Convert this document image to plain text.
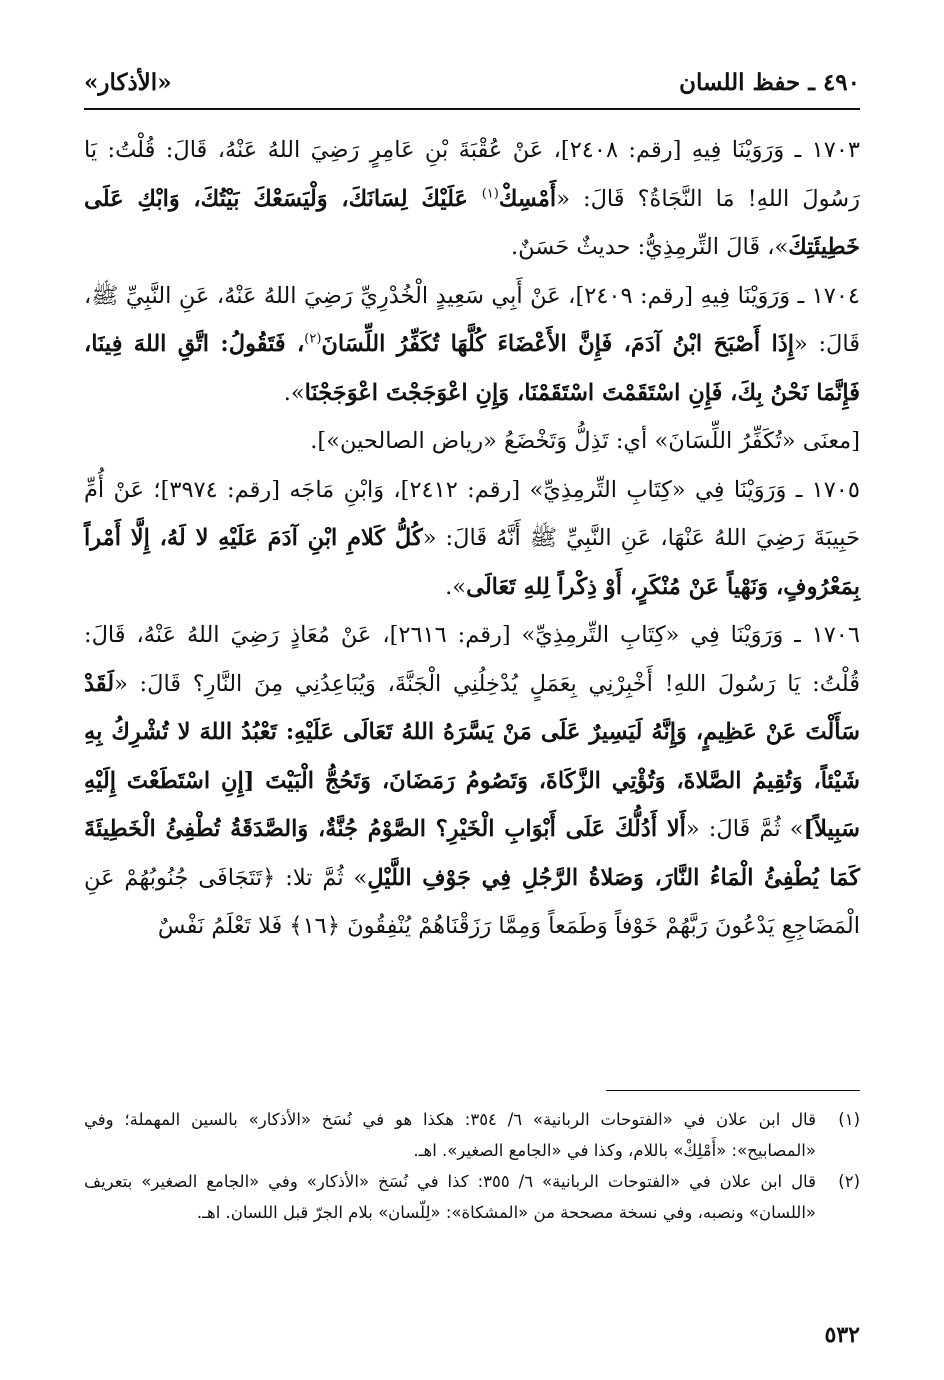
٤٩٠ ـ حفظ اللسان
«الأذكار»

١٧٠٣ ـ وَرَوَيْنَا فِيهِ [رقم: ٢٤٠٨]، عَنْ عُقْبَةَ بْنِ عَامِرٍ رَضِيَ اللهُ عَنْهُ، قَالَ: قُلْتُ: يَا رَسُولَ اللهِ! مَا النَّجَاةُ؟ قَالَ: «أَمْسِكْ$^{(١)}$ عَلَيْكَ لِسَانَكَ، وَلْيَسَعْكَ بَيْتُكَ، وَابْكِ عَلَى خَطِيئَتِكَ»، قَالَ التِّرمِذِيُّ: حديثٌ حَسَنٌ.

١٧٠٤ ـ وَرَوَيْنَا فِيهِ [رقم: ٢٤٠٩]، عَنْ أَبِي سَعِيدٍ الْخُدْرِيِّ رَضِيَ اللهُ عَنْهُ، عَنِ النَّبِيِّ ﷺ، قَالَ: «إِذَا أَصْبَحَ ابْنُ آدَمَ، فَإِنَّ الأَعْضَاءَ كُلَّهَا تُكَفِّرُ اللِّسَانَ$^{(٢)}$، فَتَقُولُ: اتَّقِ اللهَ فِينَا، فَإِنَّمَا نَحْنُ بِكَ، فَإِنِ اسْتَقَمْتَ اسْتَقَمْنَا، وَإِنِ اعْوَجَجْتَ اعْوَجَجْنَا».

[معنَى «تُكَفِّرُ اللِّسَانَ» أي: تَذِلُّ وَتَخْضَعُ «رياض الصالحين»].

١٧٠٥ ـ وَرَوَيْنَا فِي «كِتَابِ التِّرمِذِيِّ» [رقم: ٢٤١٢]، وَابْنِ مَاجَه [رقم: ٣٩٧٤]؛ عَنْ أُمِّ حَبِيبَةَ رَضِيَ اللهُ عَنْهَا، عَنِ النَّبِيِّ ﷺ أَنَّهُ قَالَ: «كُلُّ كَلامِ ابْنِ آدَمَ عَلَيْهِ لا لَهُ، إِلَّا أَمْراً بِمَعْرُوفٍ، وَنَهْياً عَنْ مُنْكَرٍ، أَوْ ذِكْراً لِلهِ تَعَالَى».

١٧٠٦ ـ وَرَوَيْنَا فِي «كِتَابِ التِّرمِذِيِّ» [رقم: ٢٦١٦]، عَنْ مُعَاذٍ رَضِيَ اللهُ عَنْهُ، قَالَ: قُلْتُ: يَا رَسُولَ اللهِ! أَخْبِرْنِي بِعَمَلٍ يُدْخِلُنِي الْجَنَّةَ، وَيُبَاعِدُنِي مِنَ النَّارِ؟ قَالَ: «لَقَدْ سَأَلْتَ عَنْ عَظِيمٍ، وَإِنَّهُ لَيَسِيرٌ عَلَى مَنْ يَسَّرَهُ اللهُ تَعَالَى عَلَيْهِ: تَعْبُدُ اللهَ لا تُشْرِكُ بِهِ شَيْئاً، وَتُقِيمُ الصَّلاةَ، وَتُؤْتِي الزَّكَاةَ، وَتَصُومُ رَمَضَانَ، وَتَحُجُّ الْبَيْتَ [إِنِ اسْتَطَعْتَ إِلَيْهِ سَبِيلاً]» ثُمَّ قَالَ: «أَلا أَدُلُّكَ عَلَى أَبْوَابِ الْخَيْرِ؟ الصَّوْمُ جُنَّةٌ، وَالصَّدَقَةُ تُطْفِئُ الْخَطِيئَةَ كَمَا يُطْفِئُ الْمَاءُ النَّارَ، وَصَلاةُ الرَّجُلِ فِي جَوْفِ اللَّيْلِ» ثُمَّ تلا: ﴿تَتَجَافَى جُنُوبُهُمْ عَنِ الْمَضَاجِعِ يَدْعُونَ رَبَّهُمْ خَوْفاً وَطَمَعاً وَمِمَّا رَزَقْنَاهُمْ يُنْفِقُونَ ﴿١٦﴾ فَلا تَعْلَمُ نَفْسٌ

(١)
قال ابن علان في «الفتوحات الربانية» ٦/ ٣٥٤: هكذا هو في نُسَخ «الأذكار» بالسين المهملة؛ وفي «المصابيح»: «أَمْلِكْ» باللام، وكذا في «الجامع الصغير». اهـ.
(٢)
قال ابن علان في «الفتوحات الربانية» ٦/ ٣٥٥: كذا في نُسَخ «الأذكار» وفي «الجامع الصغير» بتعريف «اللسان» ونصبه، وفي نسخة مصححة من «المشكاة»: «لِلّسان» بلام الجرّ قبل اللسان. اهـ.
٥٣٢
